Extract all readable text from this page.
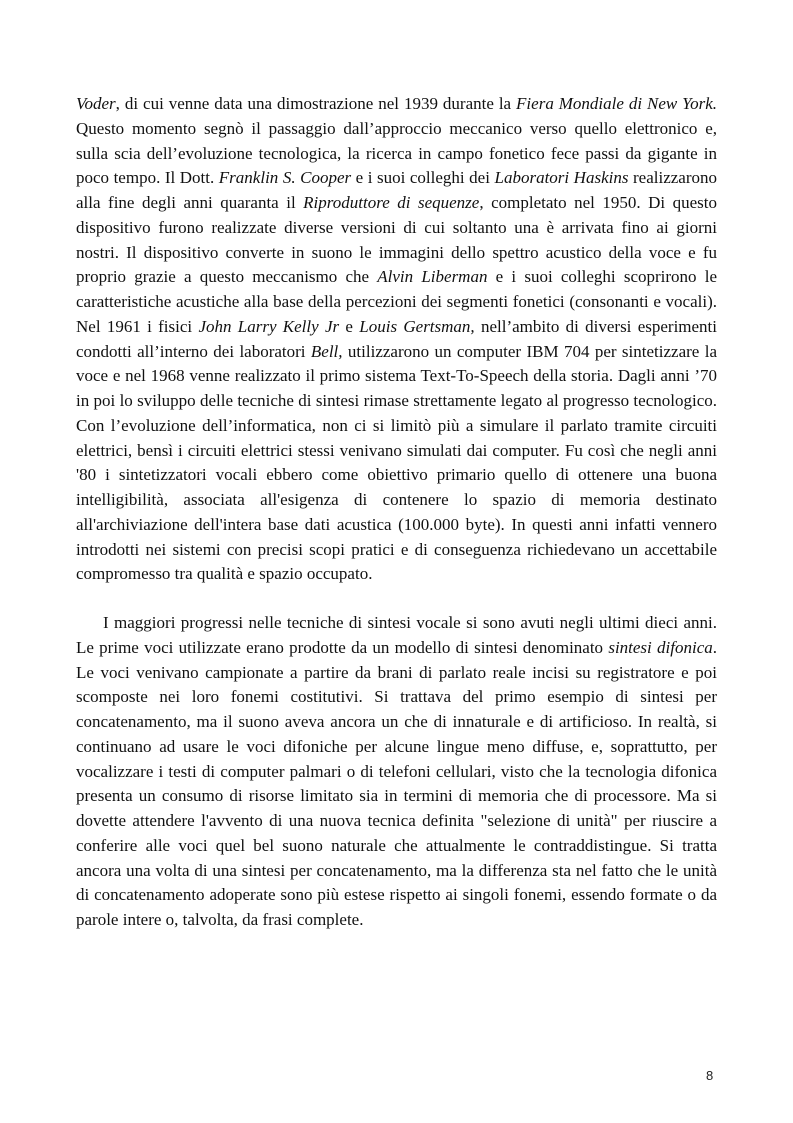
Voder, di cui venne data una dimostrazione nel 1939 durante la Fiera Mondiale di New York. Questo momento segnò il passaggio dall’approccio meccanico verso quello elettronico e, sulla scia dell’evoluzione tecnologica, la ricerca in campo fonetico fece passi da gigante in poco tempo. Il Dott. Franklin S. Cooper e i suoi colleghi dei Laboratori Haskins realizzarono alla fine degli anni quaranta il Riproduttore di sequenze, completato nel 1950. Di questo dispositivo furono realizzate diverse versioni di cui soltanto una è arrivata fino ai giorni nostri. Il dispositivo converte in suono le immagini dello spettro acustico della voce e fu proprio grazie a questo meccanismo che Alvin Liberman e i suoi colleghi scoprirono le caratteristiche acustiche alla base della percezioni dei segmenti fonetici (consonanti e vocali). Nel 1961 i fisici John Larry Kelly Jr e Louis Gertsman, nell’ambito di diversi esperimenti condotti all’interno dei laboratori Bell, utilizzarono un computer IBM 704 per sintetizzare la voce e nel 1968 venne realizzato il primo sistema Text-To-Speech della storia. Dagli anni ’70 in poi lo sviluppo delle tecniche di sintesi rimase strettamente legato al progresso tecnologico. Con l’evoluzione dell’informatica, non ci si limitò più a simulare il parlato tramite circuiti elettrici, bensì i circuiti elettrici stessi venivano simulati dai computer. Fu così che negli anni '80 i sintetizzatori vocali ebbero come obiettivo primario quello di ottenere una buona intelligibilità, associata all'esigenza di contenere lo spazio di memoria destinato all'archiviazione dell'intera base dati acustica (100.000 byte). In questi anni infatti vennero introdotti nei sistemi con precisi scopi pratici e di conseguenza richiedevano un accettabile compromesso tra qualità e spazio occupato.

I maggiori progressi nelle tecniche di sintesi vocale si sono avuti negli ultimi dieci anni. Le prime voci utilizzate erano prodotte da un modello di sintesi denominato sintesi difonica. Le voci venivano campionate a partire da brani di parlato reale incisi su registratore e poi scomposte nei loro fonemi costitutivi. Si trattava del primo esempio di sintesi per concatenamento, ma il suono aveva ancora un che di innaturale e di artificioso. In realtà, si continuano ad usare le voci difoniche per alcune lingue meno diffuse, e, soprattutto, per vocalizzare i testi di computer palmari o di telefoni cellulari, visto che la tecnologia difonica presenta un consumo di risorse limitato sia in termini di memoria che di processore. Ma si dovette attendere l'avvento di una nuova tecnica definita "selezione di unità" per riuscire a conferire alle voci quel bel suono naturale che attualmente le contraddistingue. Si tratta ancora una volta di una sintesi per concatenamento, ma la differenza sta nel fatto che le unità di concatenamento adoperate sono più estese rispetto ai singoli fonemi, essendo formate o da parole intere o, talvolta, da frasi complete.

8
